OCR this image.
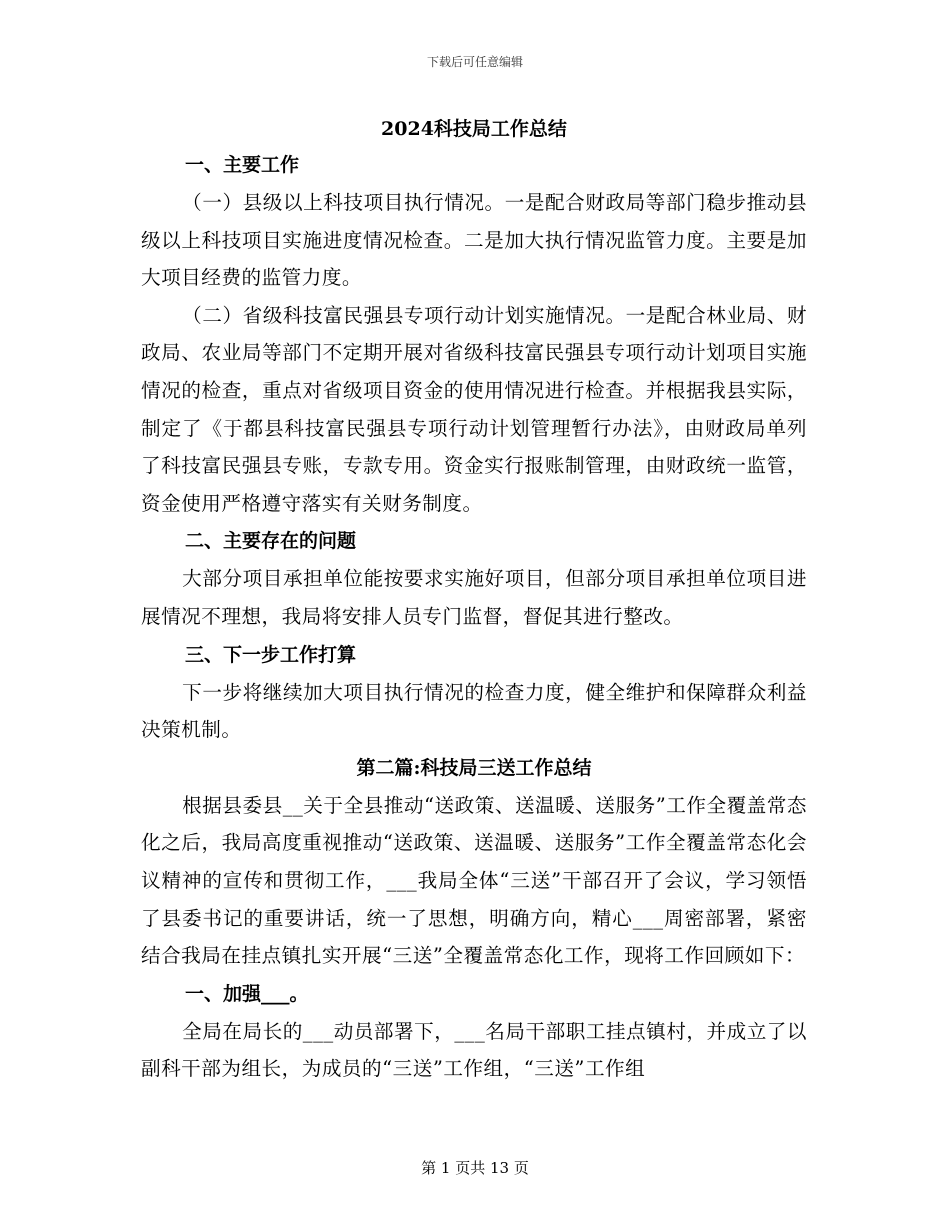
下载后可任意编辑
2024科技局工作总结
一、主要工作
（一）县级以上科技项目执行情况。一是配合财政局等部门稳步推动县级以上科技项目实施进度情况检查。二是加大执行情况监管力度。主要是加大项目经费的监管力度。
（二）省级科技富民强县专项行动计划实施情况。一是配合林业局、财政局、农业局等部门不定期开展对省级科技富民强县专项行动计划项目实施情况的检查，重点对省级项目资金的使用情况进行检查。并根据我县实际，制定了《于都县科技富民强县专项行动计划管理暂行办法》，由财政局单列了科技富民强县专账，专款专用。资金实行报账制管理，由财政统一监管，资金使用严格遵守落实有关财务制度。
二、主要存在的问题
大部分项目承担单位能按要求实施好项目，但部分项目承担单位项目进展情况不理想，我局将安排人员专门监督，督促其进行整改。
三、下一步工作打算
下一步将继续加大项目执行情况的检查力度，健全维护和保障群众利益决策机制。
第二篇:科技局三送工作总结
根据县委县__关于全县推动“送政策、送温暖、送服务”工作全覆盖常态化之后，我局高度重视推动“送政策、送温暖、送服务”工作全覆盖常态化会议精神的宣传和贯彻工作，___我局全体“三送”干部召开了会议，学习领悟了县委书记的重要讲话，统一了思想，明确方向，精心___周密部署，紧密结合我局在挂点镇扎实开展“三送”全覆盖常态化工作，现将工作回顾如下：
一、加强___。
全局在局长的___动员部署下，___名局干部职工挂点镇村，并成立了以副科干部为组长，为成员的“三送”工作组，“三送”工作组
第 1 页共 13 页
